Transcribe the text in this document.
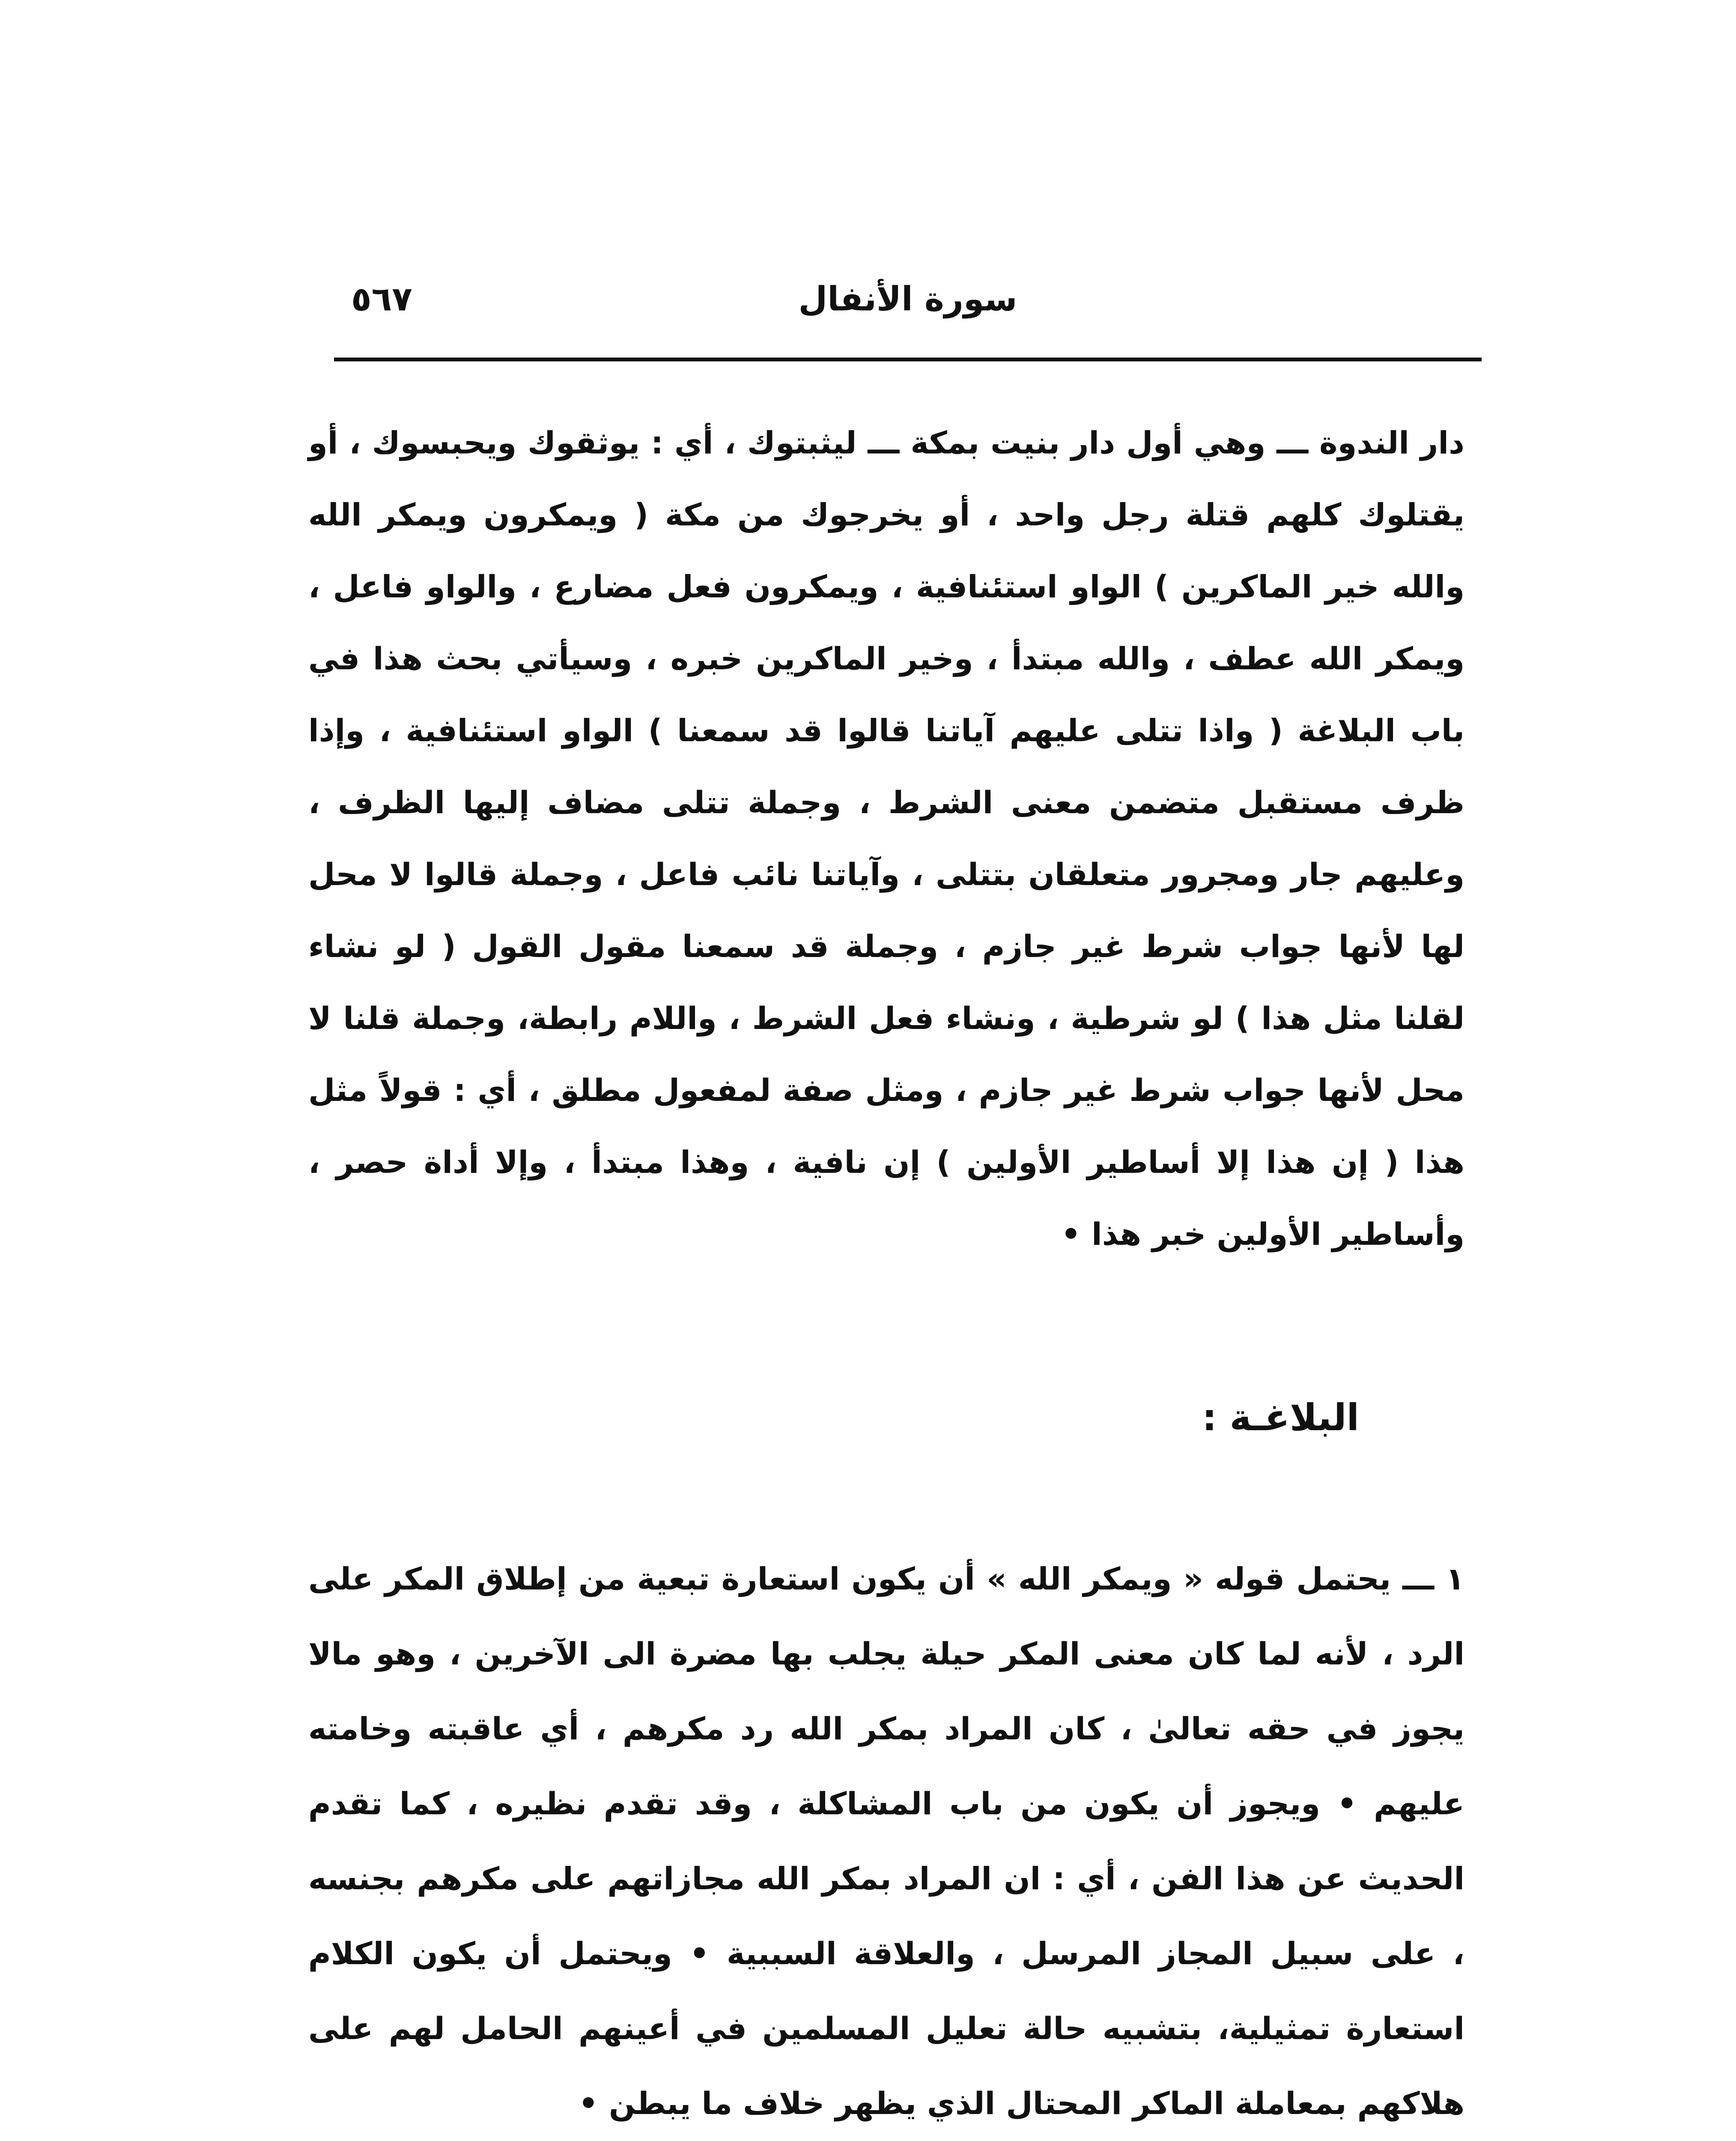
٥٦٧	سورة الأنفال
دار الندوة ـــ وهي أول دار بنيت بمكة ـــ ليثبتوك ، أي : يوثقوك ويحبسوك ، أو يقتلوك كلهم قتلة رجل واحد ، أو يخرجوك من مكة ( ويمكرون ويمكر الله والله خير الماكرين ) الواو استئنافية ، ويمكرون فعل مضارع ، والواو فاعل ، ويمكر الله عطف ، والله مبتدأ ، وخير الماكرين خبره ، وسيأتي بحث هذا في باب البلاغة ( واذا تتلى عليهم آياتنا قالوا قد سمعنا ) الواو استئنافية ، وإذا ظرف مستقبل متضمن معنى الشرط ، وجملة تتلى مضاف إليها الظرف ، وعليهم جار ومجرور متعلقان بتتلى ، وآياتنا نائب فاعل ، وجملة قالوا لا محل لها لأنها جواب شرط غير جازم ، وجملة قد سمعنا مقول القول ( لو نشاء لقلنا مثل هذا ) لو شرطية ، ونشاء فعل الشرط ، واللام رابطة، وجملة قلنا لا محل لأنها جواب شرط غير جازم ، ومثل صفة لمفعول مطلق ، أي : قولاً مثل هذا ( إن هذا إلا أساطير الأولين ) إن نافية ، وهذا مبتدأ ، وإلا أداة حصر ، وأساطير الأولين خبر هذا •
البلاغـة :
١ ـــ يحتمل قوله « ويمكر الله » أن يكون استعارة تبعية من إطلاق المكر على الرد ، لأنه لما كان معنى المكر حيلة يجلب بها مضرة الى الآخرين ، وهو مالا يجوز في حقه تعالىٰ ، كان المراد بمكر الله رد مكرهم ، أي عاقبته وخامته عليهم • ويجوز أن يكون من باب المشاكلة ، وقد تقدم نظيره ، كما تقدم الحديث عن هذا الفن ، أي : ان المراد بمكر الله مجازاتهم على مكرهم بجنسه ، على سبيل المجاز المرسل ، والعلاقة السببية • ويحتمل أن يكون الكلام استعارة تمثيلية، بتشبيه حالة تعليل المسلمين في أعينهم الحامل لهم على هلاكهم بمعاملة الماكر المحتال الذي يظهر خلاف ما يبطن •
